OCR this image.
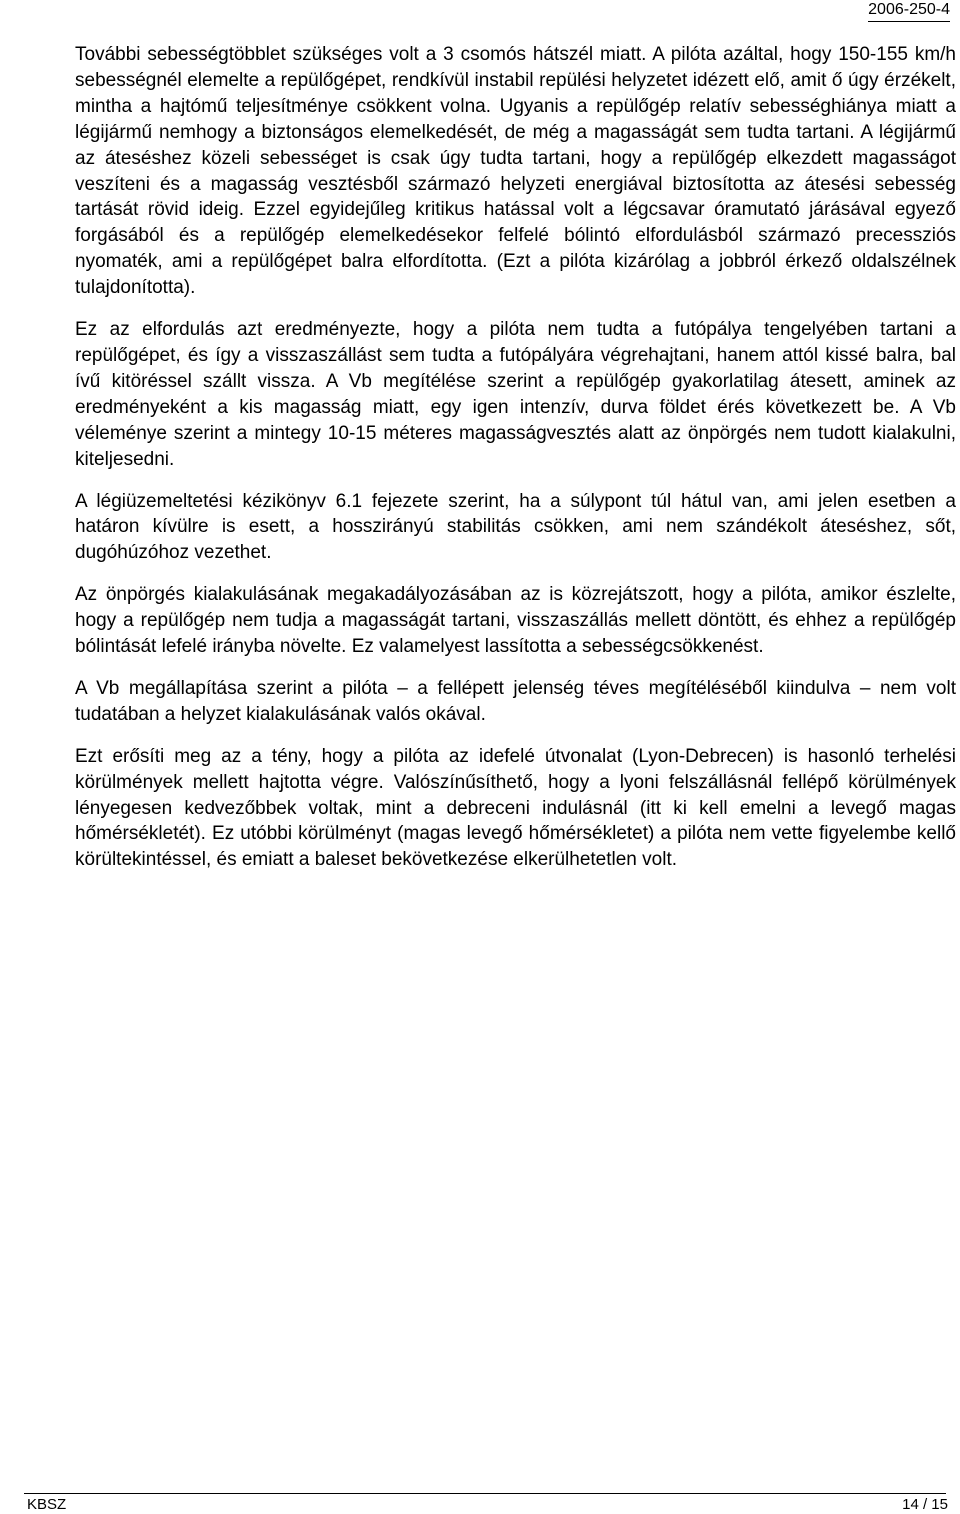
2006-250-4

További sebességtöbblet szükséges volt a 3 csomós hátszél miatt. A pilóta azáltal, hogy 150-155 km/h sebességnél elemelte a repülőgépet, rendkívül instabil repülési helyzetet idézett elő, amit ő úgy érzékelt, mintha a hajtómű teljesítménye csökkent volna. Ugyanis a repülőgép relatív sebességhiánya miatt a légijármű nemhogy a biztonságos elemelkedését, de még a magasságát sem tudta tartani. A légijármű az áteséshez közeli sebességet is csak úgy tudta tartani, hogy a repülőgép elkezdett magasságot veszíteni és a magasság vesztésből származó helyzeti energiával biztosította az átesési sebesség tartását rövid ideig. Ezzel egyidejűleg kritikus hatással volt a légcsavar óramutató járásával egyező forgásából és a repülőgép elemelkedésekor felfelé bólintó elfordulásból származó precessziós nyomaték, ami a repülőgépet balra elfordította. (Ezt a pilóta kizárólag a jobbról érkező oldalszélnek tulajdonította).

Ez az elfordulás azt eredményezte, hogy a pilóta nem tudta a futópálya tengelyében tartani a repülőgépet, és így a visszaszállást sem tudta a futópályára végrehajtani, hanem attól kissé balra, bal ívű kitöréssel szállt vissza. A Vb megítélése szerint a repülőgép gyakorlatilag átesett, aminek az eredményeként a kis magasság miatt, egy igen intenzív, durva földet érés következett be. A Vb véleménye szerint a mintegy 10-15 méteres magasságvesztés alatt az önpörgés nem tudott kialakulni, kiteljesedni.

A légiüzemeltetési kézikönyv 6.1 fejezete szerint, ha a súlypont túl hátul van, ami jelen esetben a határon kívülre is esett, a hosszirányú stabilitás csökken, ami nem szándékolt áteséshez, sőt, dugóhúzóhoz vezethet.

Az önpörgés kialakulásának megakadályozásában az is közrejátszott, hogy a pilóta, amikor észlelte, hogy a repülőgép nem tudja a magasságát tartani, visszaszállás mellett döntött, és ehhez a repülőgép bólintását lefelé irányba növelte. Ez valamelyest lassította a sebességcsökkenést.

A Vb megállapítása szerint a pilóta – a fellépett jelenség téves megítéléséből kiindulva – nem volt tudatában a helyzet kialakulásának valós okával.

Ezt erősíti meg az a tény, hogy a pilóta az idefelé útvonalat (Lyon-Debrecen) is hasonló terhelési körülmények mellett hajtotta végre. Valószínűsíthető, hogy a lyoni felszállásnál fellépő körülmények lényegesen kedvezőbbek voltak, mint a debreceni indulásnál (itt ki kell emelni a levegő magas hőmérsékletét). Ez utóbbi körülményt (magas levegő hőmérsékletet) a pilóta nem vette figyelembe kellő körültekintéssel, és emiatt a baleset bekövetkezése elkerülhetetlen volt.

KBSZ	14 / 15
